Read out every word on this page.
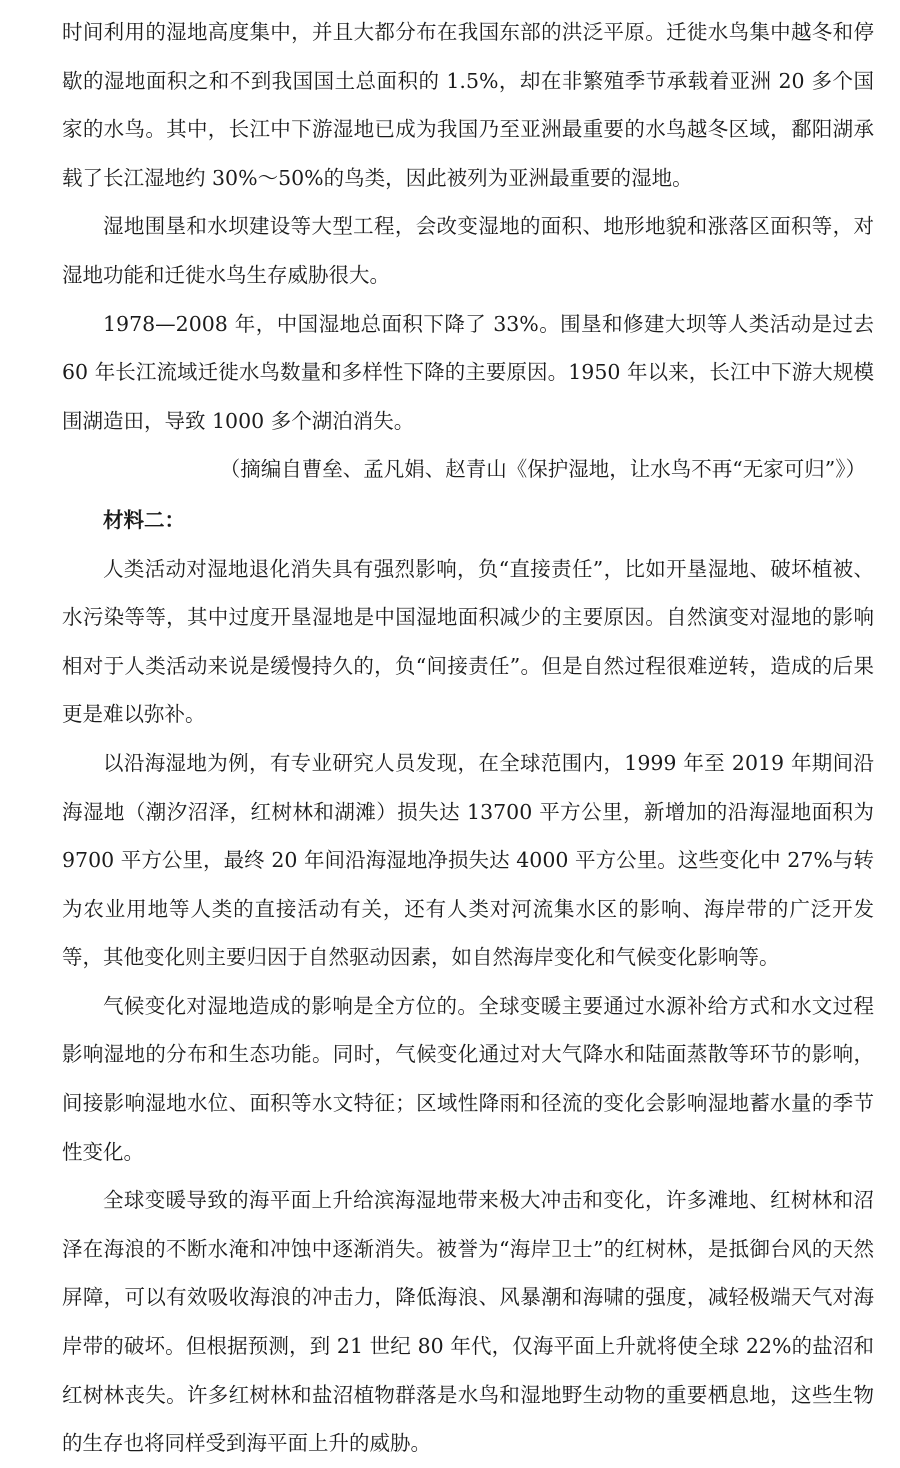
时间利用的湿地高度集中，并且大都分布在我国东部的洪泛平原。迁徙水鸟集中越冬和停歇的湿地面积之和不到我国国土总面积的 1.5%，却在非繁殖季节承载着亚洲 20 多个国家的水鸟。其中，长江中下游湿地已成为我国乃至亚洲最重要的水鸟越冬区域，鄱阳湖承载了长江湿地约 30%～50%的鸟类，因此被列为亚洲最重要的湿地。

湿地围垦和水坝建设等大型工程，会改变湿地的面积、地形地貌和涨落区面积等，对湿地功能和迁徙水鸟生存威胁很大。

1978—2008 年，中国湿地总面积下降了 33%。围垦和修建大坝等人类活动是过去 60 年长江流域迁徙水鸟数量和多样性下降的主要原因。1950 年以来，长江中下游大规模围湖造田，导致 1000 多个湖泊消失。

（摘编自曹垒、孟凡娟、赵青山《保护湿地，让水鸟不再“无家可归”》）

材料二：

人类活动对湿地退化消失具有强烈影响，负“直接责任”，比如开垦湿地、破坏植被、水污染等等，其中过度开垦湿地是中国湿地面积减少的主要原因。自然演变对湿地的影响相对于人类活动来说是缓慢持久的，负“间接责任”。但是自然过程很难逆转，造成的后果更是难以弥补。

以沿海湿地为例，有专业研究人员发现，在全球范围内，1999 年至 2019 年期间沿海湿地（潮汐沼泽，红树林和湖滩）损失达 13700 平方公里，新增加的沿海湿地面积为 9700 平方公里，最终 20 年间沿海湿地净损失达 4000 平方公里。这些变化中 27%与转为农业用地等人类的直接活动有关，还有人类对河流集水区的影响、海岸带的广泛开发等，其他变化则主要归因于自然驱动因素，如自然海岸变化和气候变化影响等。

气候变化对湿地造成的影响是全方位的。全球变暖主要通过水源补给方式和水文过程影响湿地的分布和生态功能。同时，气候变化通过对大气降水和陆面蒸散等环节的影响，间接影响湿地水位、面积等水文特征；区域性降雨和径流的变化会影响湿地蓄水量的季节性变化。

全球变暖导致的海平面上升给滨海湿地带来极大冲击和变化，许多滩地、红树林和沼泽在海浪的不断水淹和冲蚀中逐渐消失。被誉为“海岸卫士”的红树林，是抵御台风的天然屏障，可以有效吸收海浪的冲击力，降低海浪、风暴潮和海啸的强度，减轻极端天气对海岸带的破坏。但根据预测，到 21 世纪 80 年代，仅海平面上升就将使全球 22%的盐沼和红树林丧失。许多红树林和盐沼植物群落是水鸟和湿地野生动物的重要栖息地，这些生物的生存也将同样受到海平面上升的威胁。
